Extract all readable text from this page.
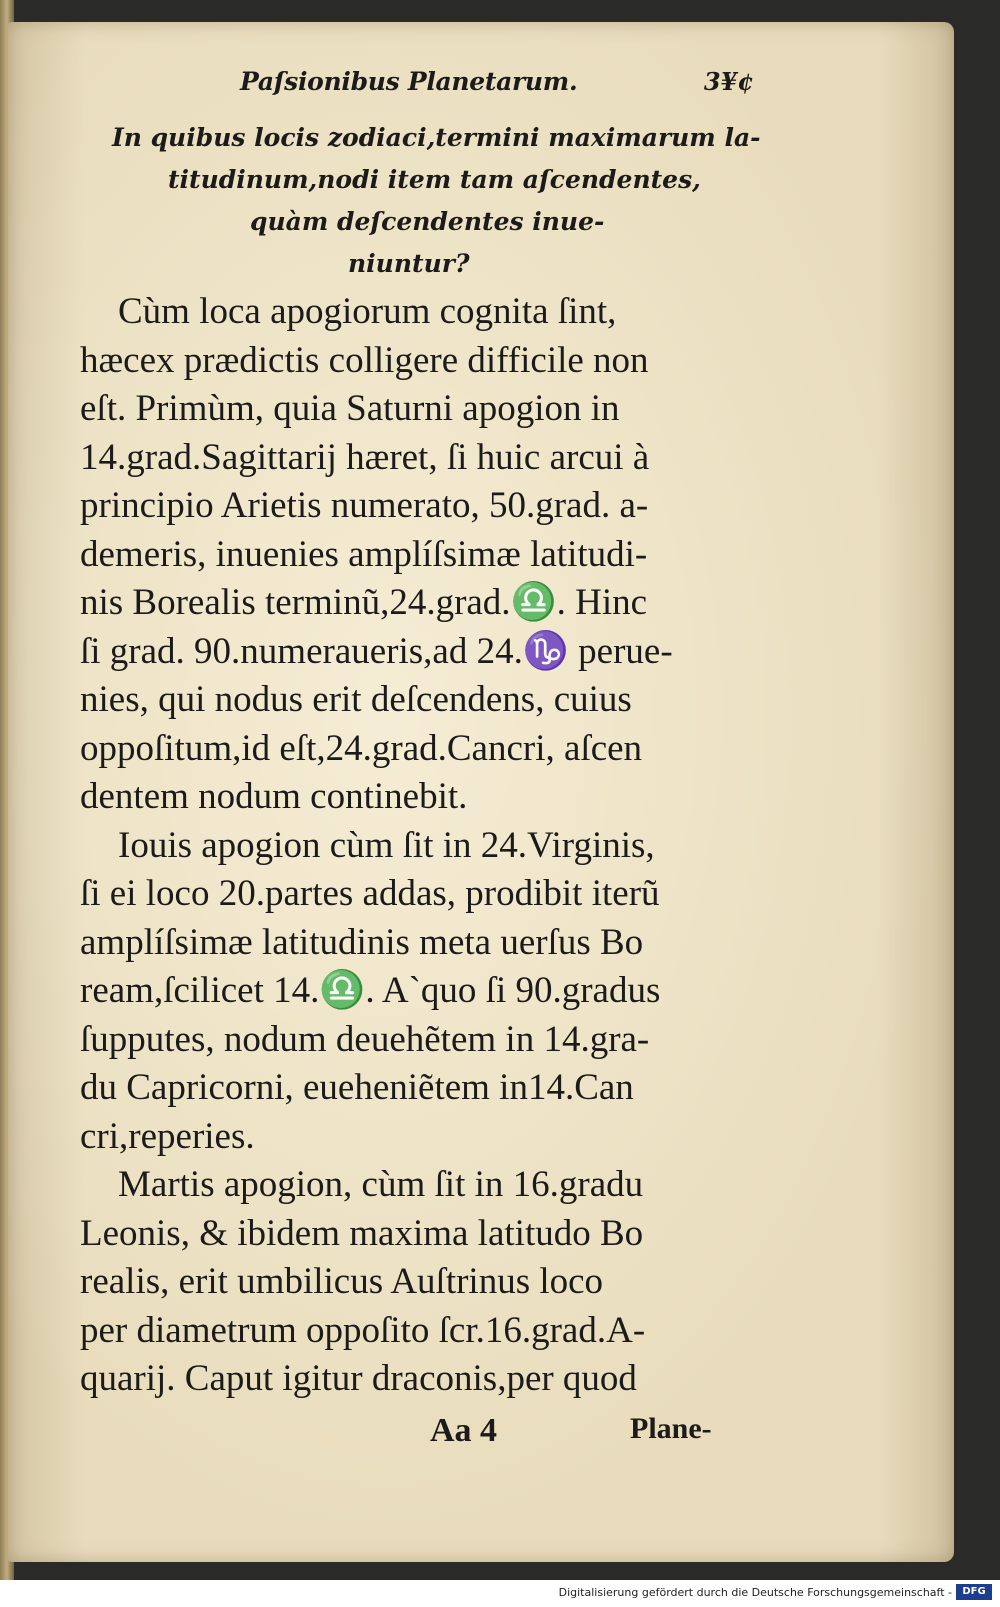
Paſsionibus Planetarum.	3¥¢
In quibus locis zodiaci,termini maximarum la-
titudinum,nodi item tam aſcendentes,
quàm deſcendentes inue-
niuntur?
Cùm loca apogiorum cognita ſint,
hæcex prædictis colligere difficile non
eſt. Primùm, quia Saturni apogion in
14.grad.Sagittarij hæret, ſi huic arcui à
principio Arietis numerato, 50.grad. a-
demeris, inuenies amplíſsimæ latitudi-
nis Borealis terminũ,24.grad.♎. Hinc
ſi grad. 90.numeraueris,ad 24.♑ perue-
nies, qui nodus erit deſcendens, cuius
oppoſitum,id eſt,24.grad.Cancri, aſcen
dentem nodum continebit.
Iouis apogion cùm ſit in 24.Virginis,
ſi ei loco 20.partes addas, prodibit iterũ
amplíſsimæ latitudinis meta uerſus Bo
ream,ſcilicet 14.♎. A`quo ſi 90.gradus
ſupputes, nodum deuehẽtem in 14.gra-
du Capricorni, eueheniẽtem in14.Can
cri,reperies.
Martis apogion, cùm ſit in 16.gradu
Leonis, & ibidem maxima latitudo Bo
realis, erit umbilicus Auſtrinus loco
per diametrum oppoſito ſcr.16.grad.A-
quarij. Caput igitur draconis,per quod
Aa 4	Plane-
Digitalisierung gefördert durch die Deutsche Forschungsgemeinschaft -	DFG
